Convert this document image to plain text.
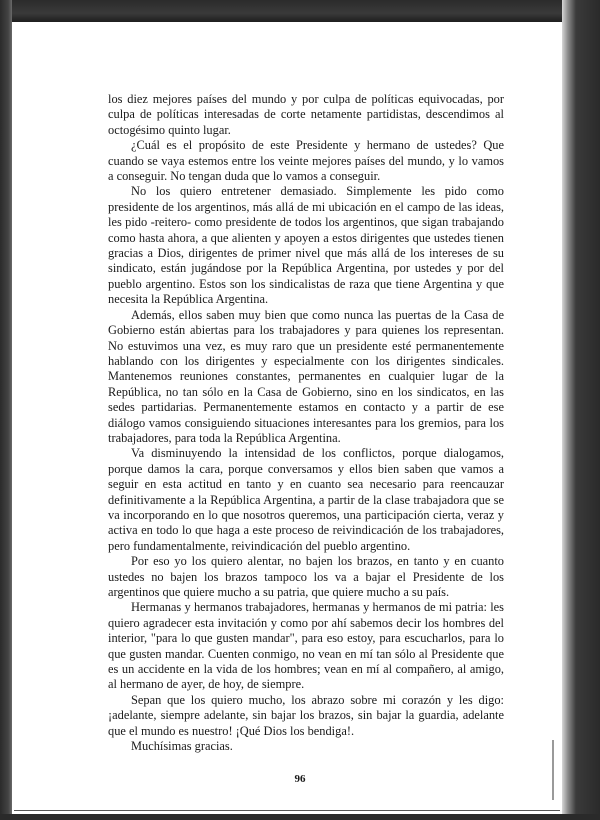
los diez mejores países del mundo y por culpa de políticas equivocadas, por culpa de políticas interesadas de corte netamente partidistas, descendimos al octogésimo quinto lugar.

¿Cuál es el propósito de este Presidente y hermano de ustedes? Que cuando se vaya estemos entre los veinte mejores países del mundo, y lo vamos a conseguir. No tengan duda que lo vamos a conseguir.

No los quiero entretener demasiado. Simplemente les pido como presidente de los argentinos, más allá de mi ubicación en el campo de las ideas, les pido -reitero- como presidente de todos los argentinos, que sigan trabajando como hasta ahora, a que alienten y apoyen a estos dirigentes que ustedes tienen gracias a Dios, dirigentes de primer nivel que más allá de los intereses de su sindicato, están jugándose por la República Argentina, por ustedes y por del pueblo argentino. Estos son los sindicalistas de raza que tiene Argentina y que necesita la República Argentina.

Además, ellos saben muy bien que como nunca las puertas de la Casa de Gobierno están abiertas para los trabajadores y para quienes los representan. No estuvimos una vez, es muy raro que un presidente esté permanentemente hablando con los dirigentes y especialmente con los dirigentes sindicales. Mantenemos reuniones constantes, permanentes en cualquier lugar de la República, no tan sólo en la Casa de Gobierno, sino en los sindicatos, en las sedes partidarias. Permanentemente estamos en contacto y a partir de ese diálogo vamos consiguiendo situaciones interesantes para los gremios, para los trabajadores, para toda la República Argentina.

Va disminuyendo la intensidad de los conflictos, porque dialogamos, porque damos la cara, porque conversamos y ellos bien saben que vamos a seguir en esta actitud en tanto y en cuanto sea necesario para reencauzar definitivamente a la República Argentina, a partir de la clase trabajadora que se va incorporando en lo que nosotros queremos, una participación cierta, veraz y activa en todo lo que haga a este proceso de reivindicación de los trabajadores, pero fundamentalmente, reivindicación del pueblo argentino.

Por eso yo los quiero alentar, no bajen los brazos, en tanto y en cuanto ustedes no bajen los brazos tampoco los va a bajar el Presidente de los argentinos que quiere mucho a su patria, que quiere mucho a su país.

Hermanas y hermanos trabajadores, hermanas y hermanos de mi patria: les quiero agradecer esta invitación y como por ahí sabemos decir los hombres del interior, "para lo que gusten mandar", para eso estoy, para escucharlos, para lo que gusten mandar. Cuenten conmigo, no vean en mí tan sólo al Presidente que es un accidente en la vida de los hombres; vean en mí al compañero, al amigo, al hermano de ayer, de hoy, de siempre.

Sepan que los quiero mucho, los abrazo sobre mi corazón y les digo: ¡adelante, siempre adelante, sin bajar los brazos, sin bajar la guardia, adelante que el mundo es nuestro! ¡Qué Dios los bendiga!.

Muchísimas gracias.

96
